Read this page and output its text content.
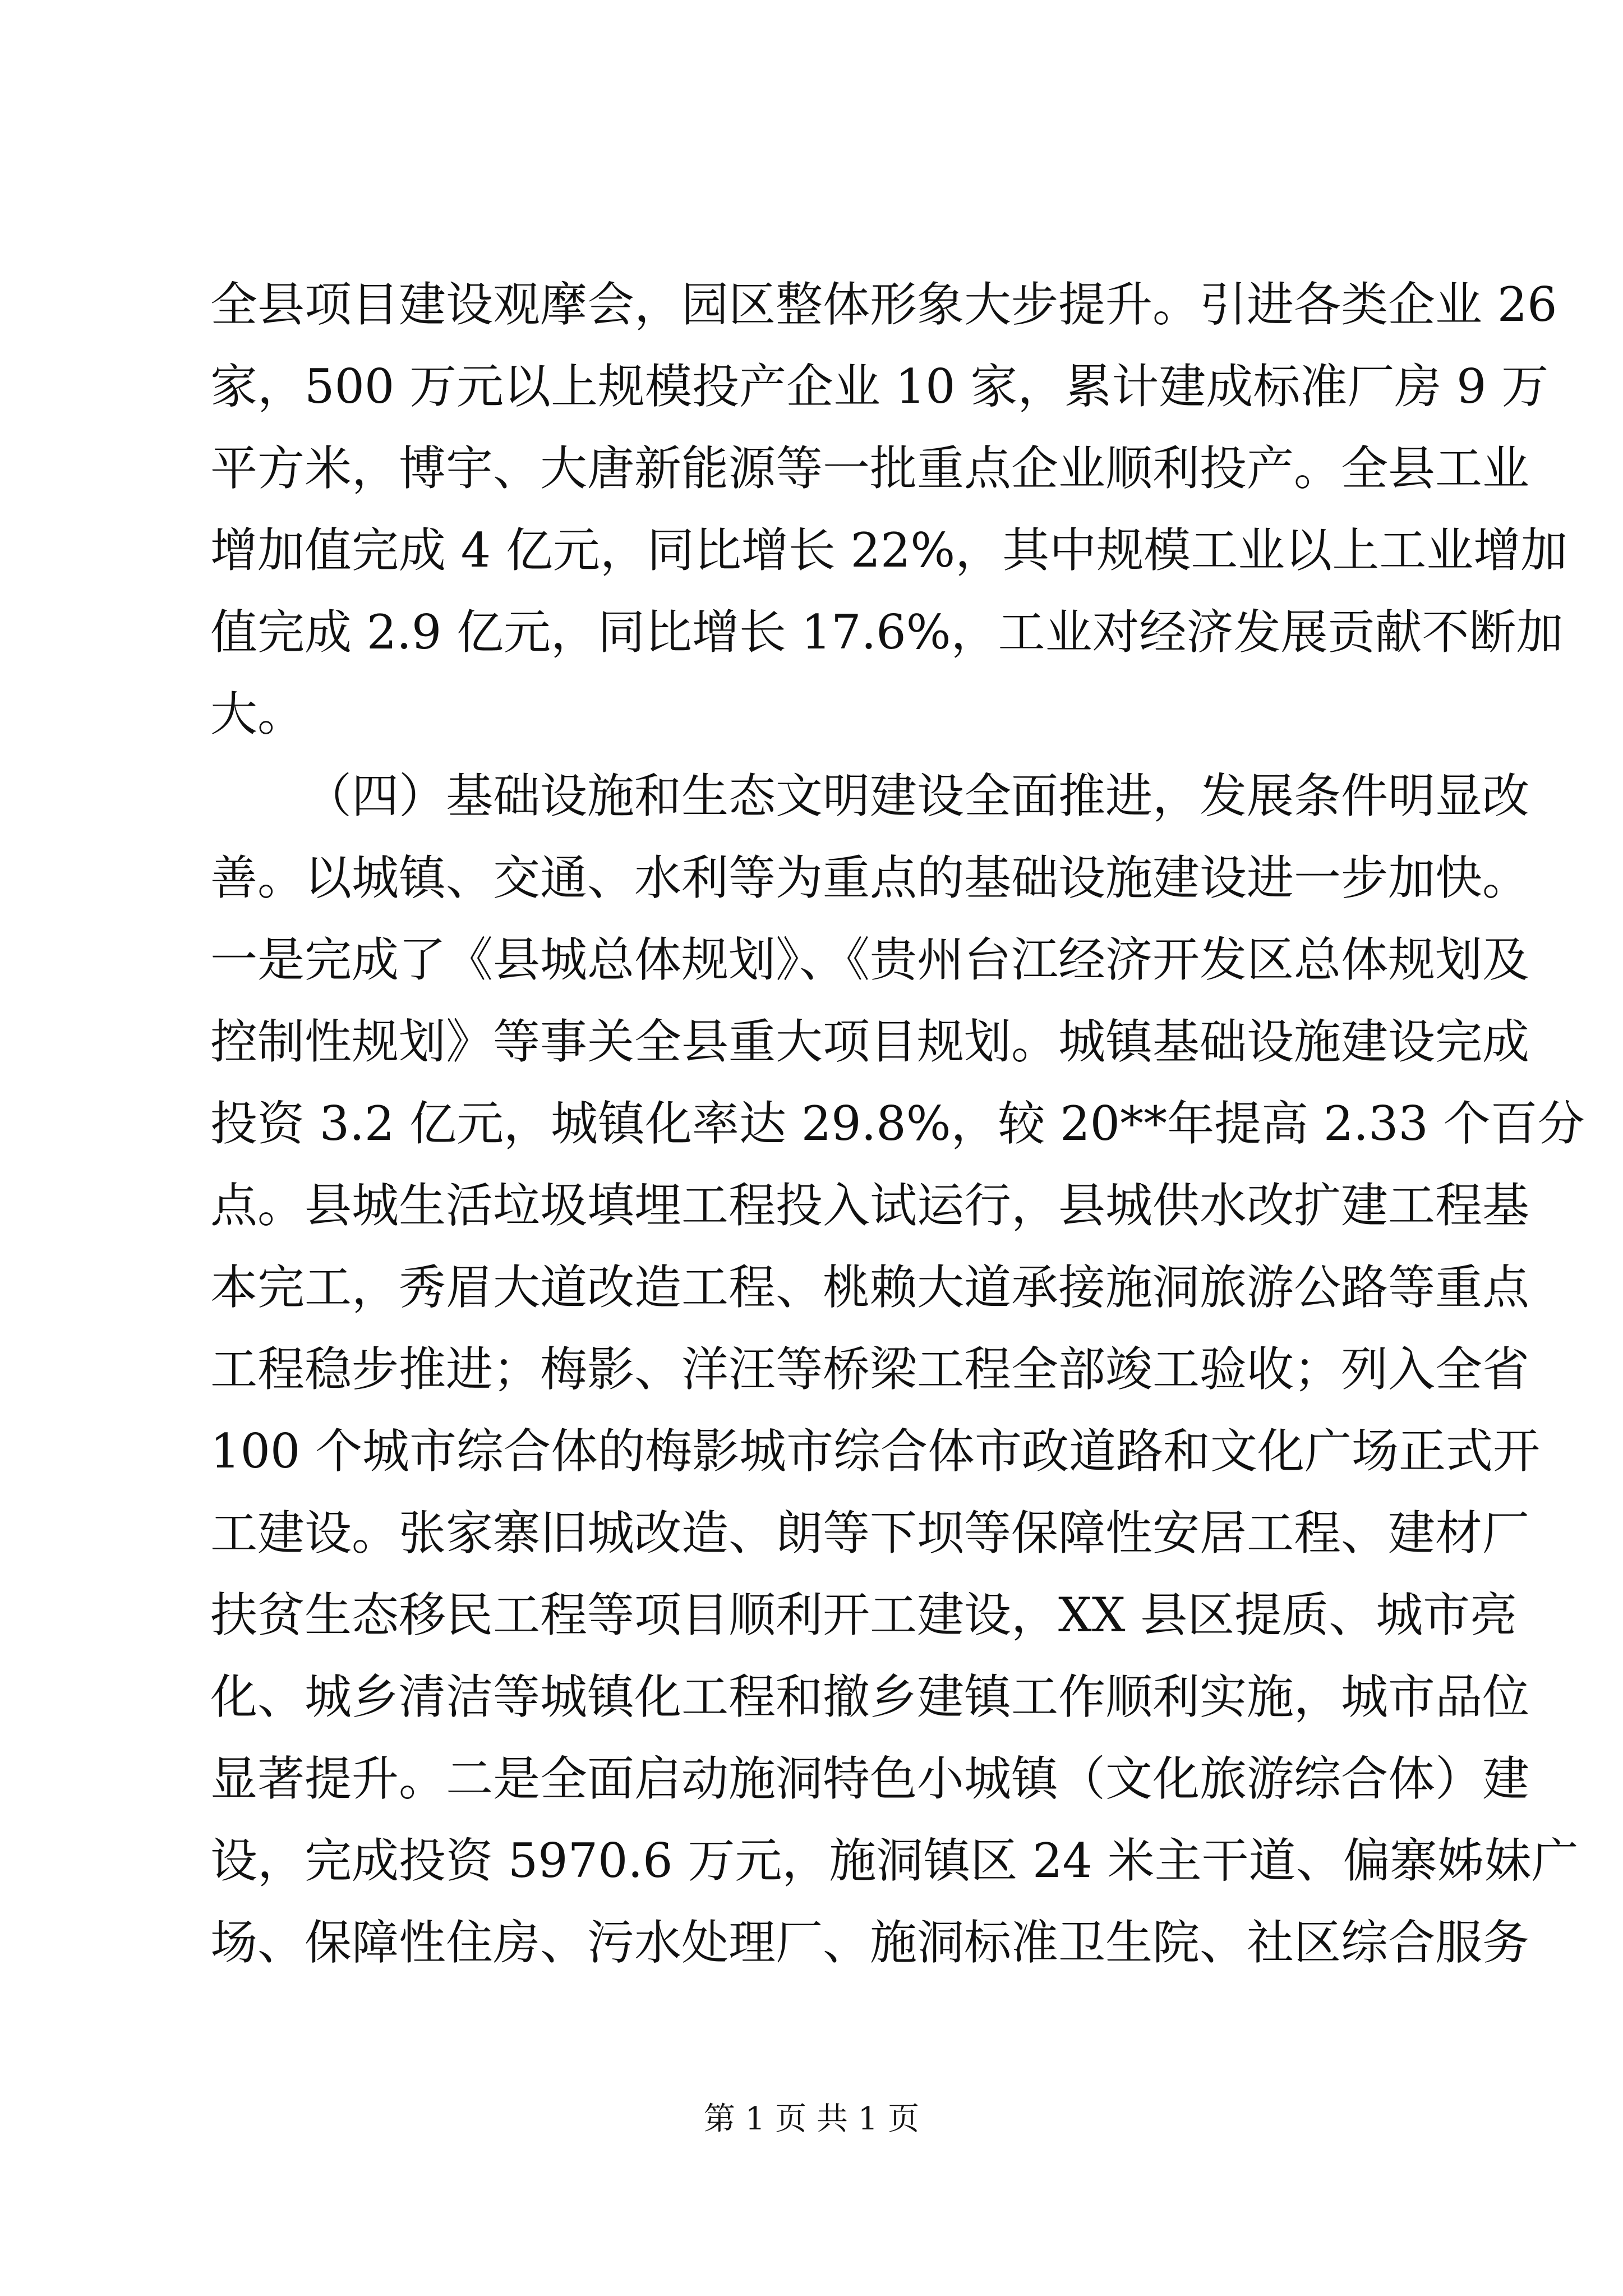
全县项目建设观摩会，园区整体形象大步提升。引进各类企业 26
家，500 万元以上规模投产企业 10 家，累计建成标准厂房 9 万
平方米，博宇、大唐新能源等一批重点企业顺利投产。全县工业
增加值完成 4 亿元，同比增长 22%，其中规模工业以上工业增加
值完成 2.9 亿元，同比增长 17.6%，工业对经济发展贡献不断加
大。
（四）基础设施和生态文明建设全面推进，发展条件明显改
善。以城镇、交通、水利等为重点的基础设施建设进一步加快。
一是完成了《县城总体规划》、《贵州台江经济开发区总体规划及
控制性规划》等事关全县重大项目规划。城镇基础设施建设完成
投资 3.2 亿元，城镇化率达 29.8%，较 20**年提高 2.33 个百分
点。县城生活垃圾填埋工程投入试运行，县城供水改扩建工程基
本完工，秀眉大道改造工程、桃赖大道承接施洞旅游公路等重点
工程稳步推进；梅影、洋汪等桥梁工程全部竣工验收；列入全省
100 个城市综合体的梅影城市综合体市政道路和文化广场正式开
工建设。张家寨旧城改造、朗等下坝等保障性安居工程、建材厂
扶贫生态移民工程等项目顺利开工建设，XX 县区提质、城市亮
化、城乡清洁等城镇化工程和撤乡建镇工作顺利实施，城市品位
显著提升。二是全面启动施洞特色小城镇（文化旅游综合体）建
设，完成投资 5970.6 万元，施洞镇区 24 米主干道、偏寨姊妹广
场、保障性住房、污水处理厂、施洞标准卫生院、社区综合服务
第 1 页 共 1 页
